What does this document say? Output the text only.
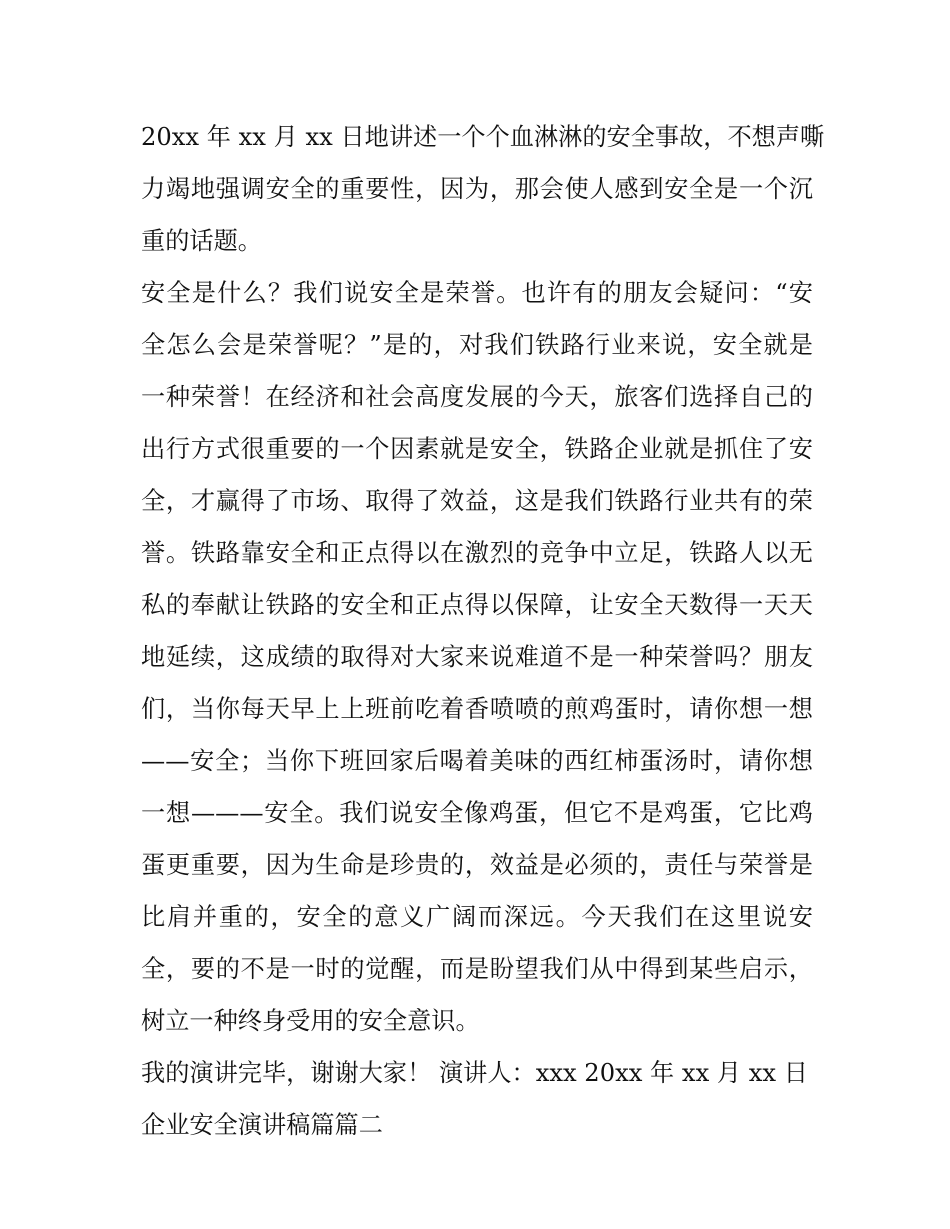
20xx 年 xx 月 xx 日地讲述一个个血淋淋的安全事故，不想声嘶
力竭地强调安全的重要性，因为，那会使人感到安全是一个沉
重的话题。
安全是什么？我们说安全是荣誉。也许有的朋友会疑问：“安
全怎么会是荣誉呢？”是的，对我们铁路行业来说，安全就是
一种荣誉！在经济和社会高度发展的今天，旅客们选择自己的
出行方式很重要的一个因素就是安全，铁路企业就是抓住了安
全，才赢得了市场、取得了效益，这是我们铁路行业共有的荣
誉。铁路靠安全和正点得以在激烈的竞争中立足，铁路人以无
私的奉献让铁路的安全和正点得以保障，让安全天数得一天天
地延续，这成绩的取得对大家来说难道不是一种荣誉吗？朋友
们，当你每天早上上班前吃着香喷喷的煎鸡蛋时，请你想一想
——安全；当你下班回家后喝着美味的西红柿蛋汤时，请你想
一想———安全。我们说安全像鸡蛋，但它不是鸡蛋，它比鸡
蛋更重要，因为生命是珍贵的，效益是必须的，责任与荣誉是
比肩并重的，安全的意义广阔而深远。今天我们在这里说安
全，要的不是一时的觉醒，而是盼望我们从中得到某些启示，
树立一种终身受用的安全意识。
我的演讲完毕，谢谢大家！ 演讲人：xxx 20xx 年 xx 月 xx 日
企业安全演讲稿篇篇二
